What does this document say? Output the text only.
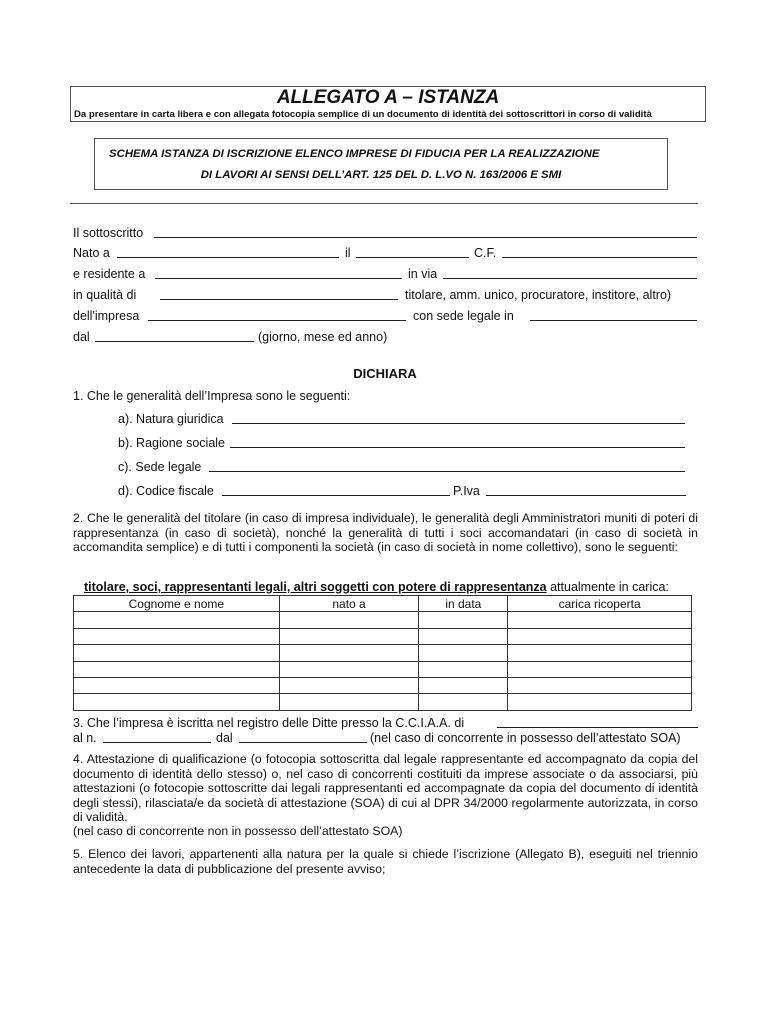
ALLEGATO A – ISTANZA
Da presentare in carta libera e con allegata fotocopia semplice di un documento di identità dei sottoscrittori in corso di validità
SCHEMA ISTANZA DI ISCRIZIONE ELENCO IMPRESE DI FIDUCIA PER LA REALIZZAZIONE
DI LAVORI AI SENSI DELL’ART. 125 DEL D. L.VO N. 163/2006 E SMI
Il sottoscritto
Nato a	il	C.F.
e residente a	in via
in qualità di	titolare, amm. unico, procuratore, institore, altro)
dell'impresa	con sede legale in
dal	(giorno, mese ed anno)
DICHIARA
1. Che le generalità dell’Impresa sono le seguenti:
a). Natura giuridica
b). Ragione sociale
c). Sede legale
d). Codice fiscale	P.Iva
2. Che le generalità del titolare (in caso di impresa individuale), le generalità degli Amministratori muniti di poteri di rappresentanza (in caso di società), nonché la generalità di tutti i soci accomandatari (in caso di società in accomandita semplice) e di tutti i componenti la società (in caso di società in nome collettivo), sono le seguenti:
titolare, soci, rappresentanti legali, altri soggetti con potere di rappresentanza attualmente in carica:
Cognome e nome	nato a	in data	carica ricoperta

3. Che l’impresa è iscritta nel registro delle Ditte presso la C.C.I.A.A. di
al n.	dal	(nel caso di concorrente in possesso dell’attestato SOA)
4. Attestazione di qualificazione (o fotocopia sottoscritta dal legale rappresentante ed accompagnato da copia del documento di identità dello stesso) o, nel caso di concorrenti costituiti da imprese associate o da associarsi, più attestazioni (o fotocopie sottoscritte dai legali rappresentanti ed accompagnate da copia del documento di identità degli stessi), rilasciata/e da società di attestazione (SOA) di cui al DPR 34/2000 regolarmente autorizzata, in corso di validità.
(nel caso di concorrente non in possesso dell’attestato SOA)
5. Elenco dei lavori, appartenenti alla natura per la quale si chiede l’iscrizione (Allegato B), eseguiti nel triennio antecedente la data di pubblicazione del presente avviso;
